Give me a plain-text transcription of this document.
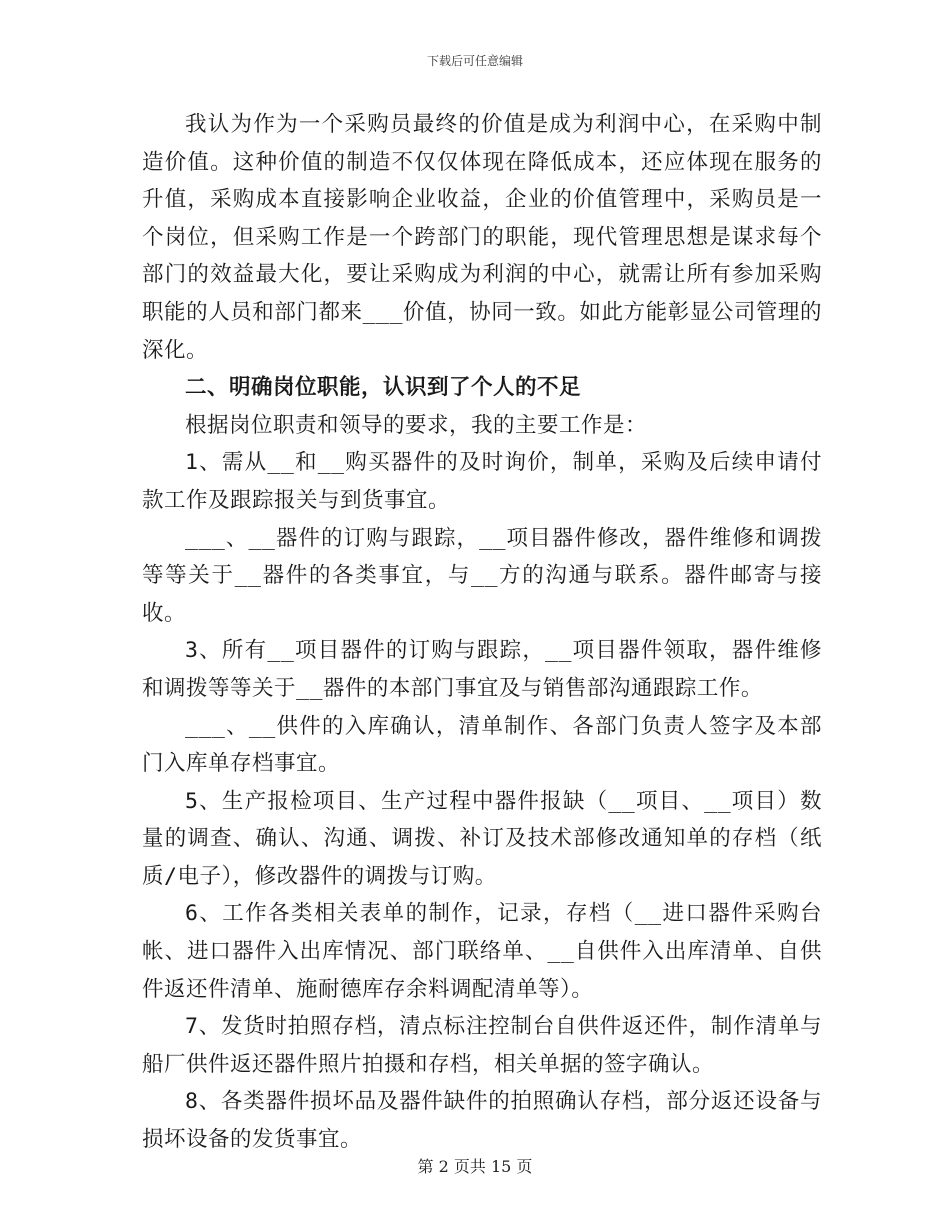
下载后可任意编辑

我认为作为一个采购员最终的价值是成为利润中心，在采购中制造价值。这种价值的制造不仅仅体现在降低成本，还应体现在服务的升值，采购成本直接影响企业收益，企业的价值管理中，采购员是一个岗位，但采购工作是一个跨部门的职能，现代管理思想是谋求每个部门的效益最大化，要让采购成为利润的中心，就需让所有参加采购职能的人员和部门都来___价值，协同一致。如此方能彰显公司管理的深化。

二、明确岗位职能，认识到了个人的不足

根据岗位职责和领导的要求，我的主要工作是：

1、需从__和__购买器件的及时询价，制单，采购及后续申请付款工作及跟踪报关与到货事宜。

___、__器件的订购与跟踪，__项目器件修改，器件维修和调拨等等关于__器件的各类事宜，与__方的沟通与联系。器件邮寄与接收。

3、所有__项目器件的订购与跟踪，__项目器件领取，器件维修和调拨等等关于__器件的本部门事宜及与销售部沟通跟踪工作。

___、__供件的入库确认，清单制作、各部门负责人签字及本部门入库单存档事宜。

5、生产报检项目、生产过程中器件报缺（__项目、__项目）数量的调查、确认、沟通、调拨、补订及技术部修改通知单的存档（纸质/电子），修改器件的调拨与订购。

6、工作各类相关表单的制作，记录，存档（__进口器件采购台帐、进口器件入出库情况、部门联络单、__自供件入出库清单、自供件返还件清单、施耐德库存余料调配清单等）。

7、发货时拍照存档，清点标注控制台自供件返还件，制作清单与船厂供件返还器件照片拍摄和存档，相关单据的签字确认。

8、各类器件损坏品及器件缺件的拍照确认存档，部分返还设备与损坏设备的发货事宜。

第 2 页共 15 页
